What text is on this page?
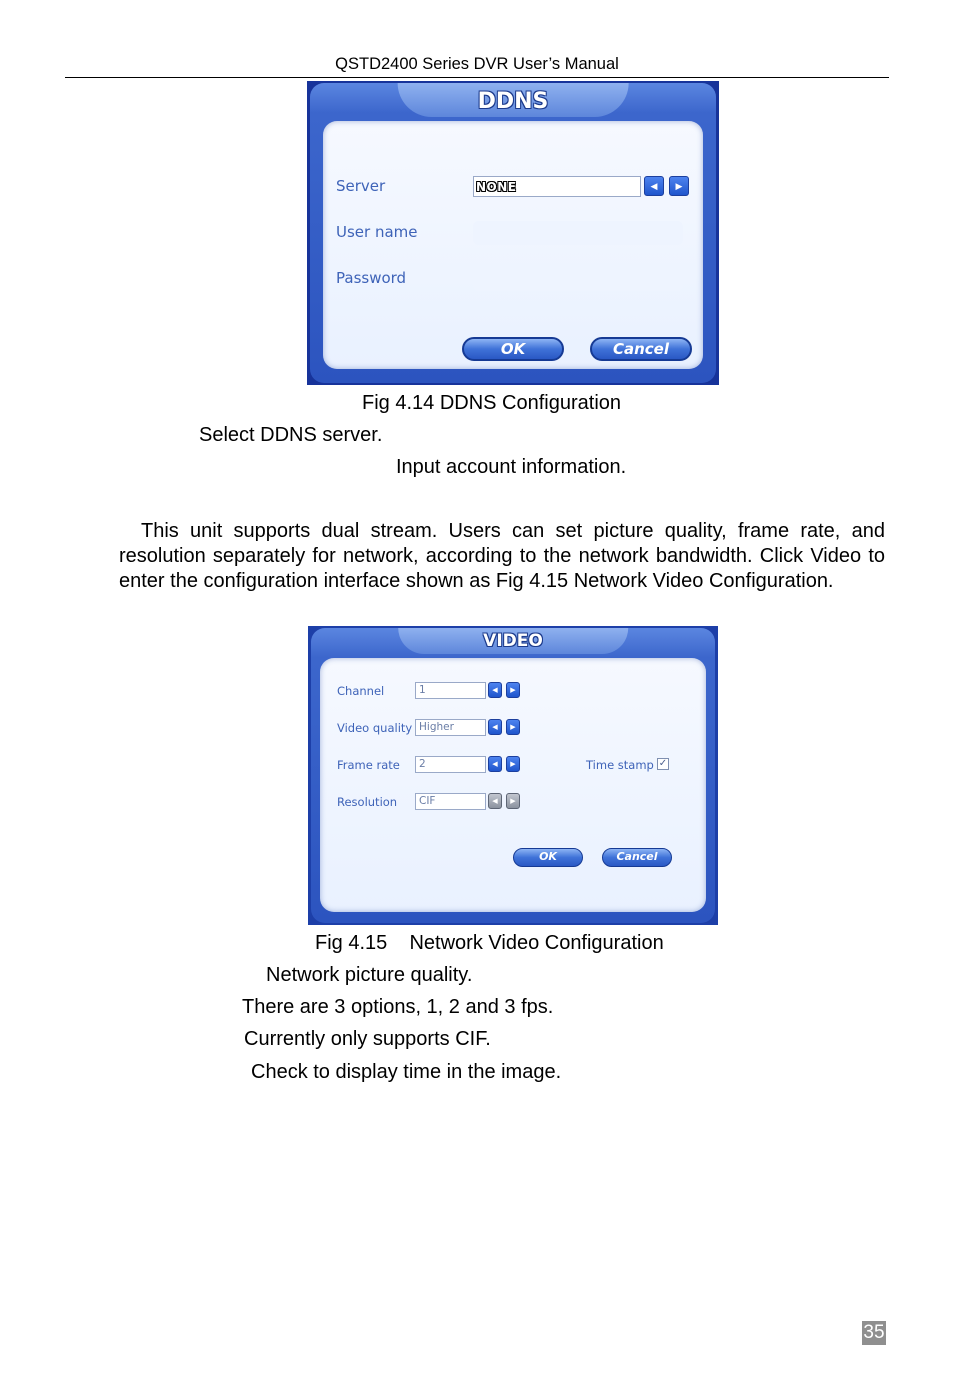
QSTD2400 Series DVR User’s Manual
DDNS
Server	NONE	◀	▶
User name
Password
OK	Cancel
Fig 4.14 DDNS Configuration
Select DDNS server.
Input account information.
This unit supports dual stream. Users can set picture quality, frame rate, and resolution separately for network, according to the network bandwidth. Click Video to enter the configuration interface shown as Fig 4.15 Network Video Configuration.
VIDEO
Channel	1	◀	▶
Video quality Higher	◀	▶
Frame rate	2	◀	▶	Time stamp ✓
Resolution	CIF	◀	▶
OK	Cancel
Fig 4.15    Network Video Configuration
Network picture quality.
There are 3 options, 1, 2 and 3 fps.
Currently only supports CIF.
Check to display time in the image.
35
